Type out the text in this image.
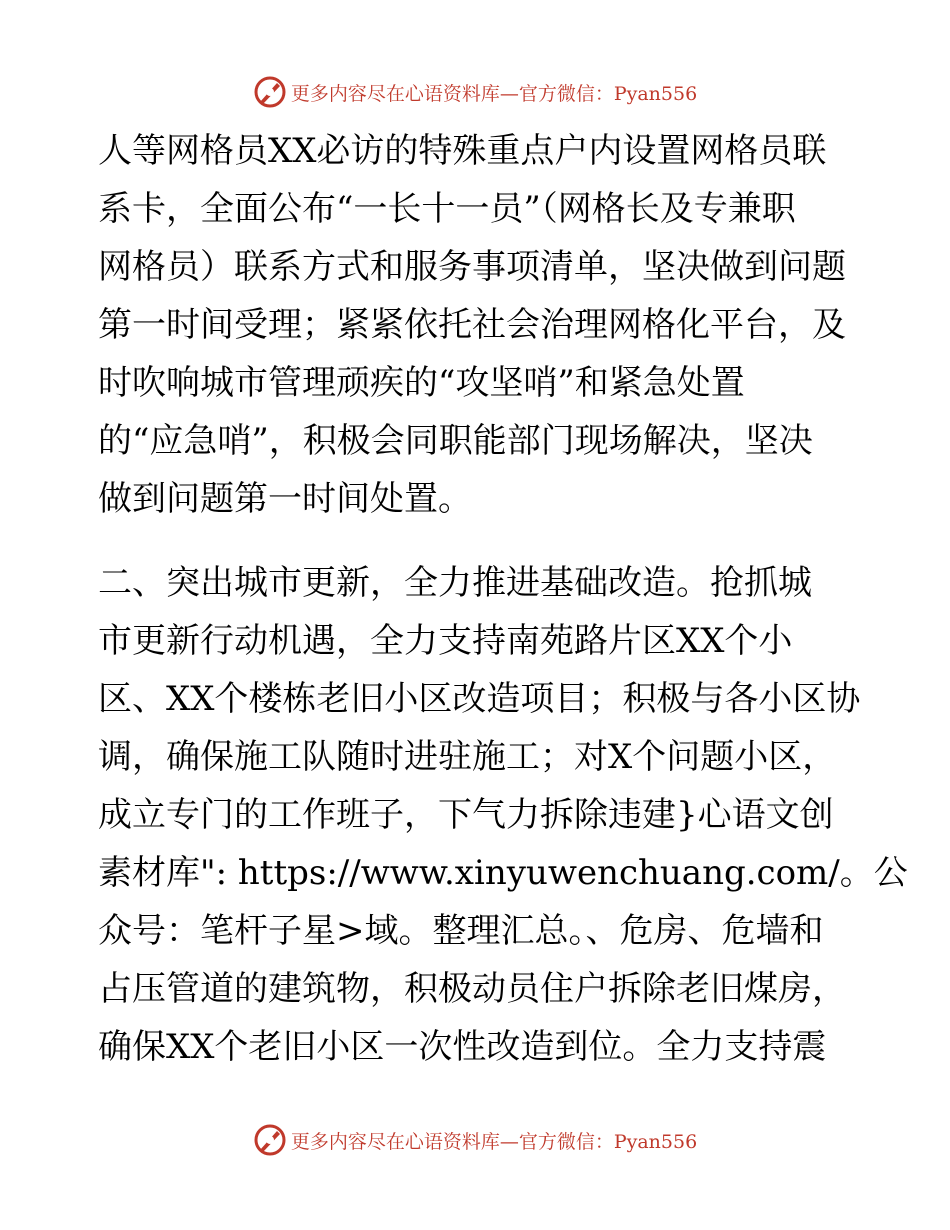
更多内容尽在心语资料库—官方微信：Pyan556
人等网格员XX必访的特殊重点户内设置网格员联
系卡，全面公布“一长十一员”（网格长及专兼职
网格员）联系方式和服务事项清单，坚决做到问题
第一时间受理；紧紧依托社会治理网格化平台，及
时吹响城市管理顽疾的“攻坚哨”和紧急处置
的“应急哨”，积极会同职能部门现场解决，坚决
做到问题第一时间处置。
二、突出城市更新，全力推进基础改造。抢抓城
市更新行动机遇，全力支持南苑路片区XX个小
区、XX个楼栋老旧小区改造项目；积极与各小区协
调，确保施工队随时进驻施工；对X个问题小区，
成立专门的工作班子，下气力拆除违建}心语文创
素材库": https://www.xinyuwenchuang.com/。公
众号：笔杆子星>域。整理汇总。、危房、危墙和
占压管道的建筑物，积极动员住户拆除老旧煤房，
确保XX个老旧小区一次性改造到位。全力支持震
更多内容尽在心语资料库—官方微信：Pyan556
